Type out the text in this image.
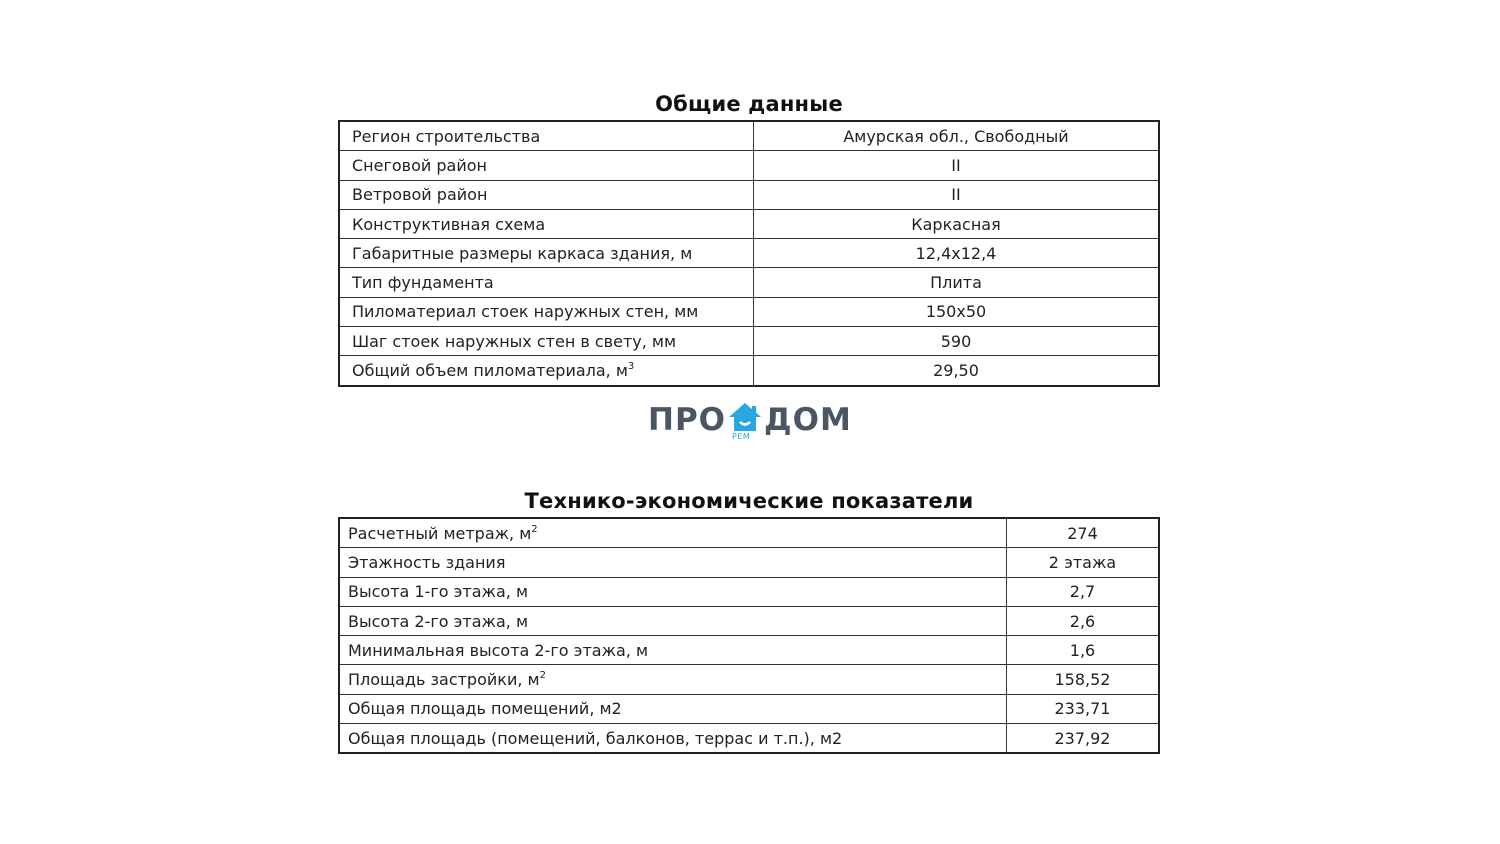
Общие данные
Регион строительства	Амурская обл., Свободный
Снеговой район	II
Ветровой район	II
Конструктивная схема	Каркасная
Габаритные размеры каркаса здания, м	12,4х12,4
Тип фундамента	Плита
Пиломатериал стоек наружных стен, мм	150х50
Шаг стоек наружных стен в свету, мм	590
Общий объем пиломатериала, $м^3$	29,50
ПРО РЕМ ДОМ
Технико-экономические показатели
Расчетный метраж, $м^2$	274
Этажность здания	2 этажа
Высота 1-го этажа, м	2,7
Высота 2-го этажа, м	2,6
Минимальная высота 2-го этажа, м	1,6
Площадь застройки, $м^2$	158,52
Общая площадь помещений, м2	233,71
Общая площадь (помещений, балконов, террас и т.п.), м2	237,92
